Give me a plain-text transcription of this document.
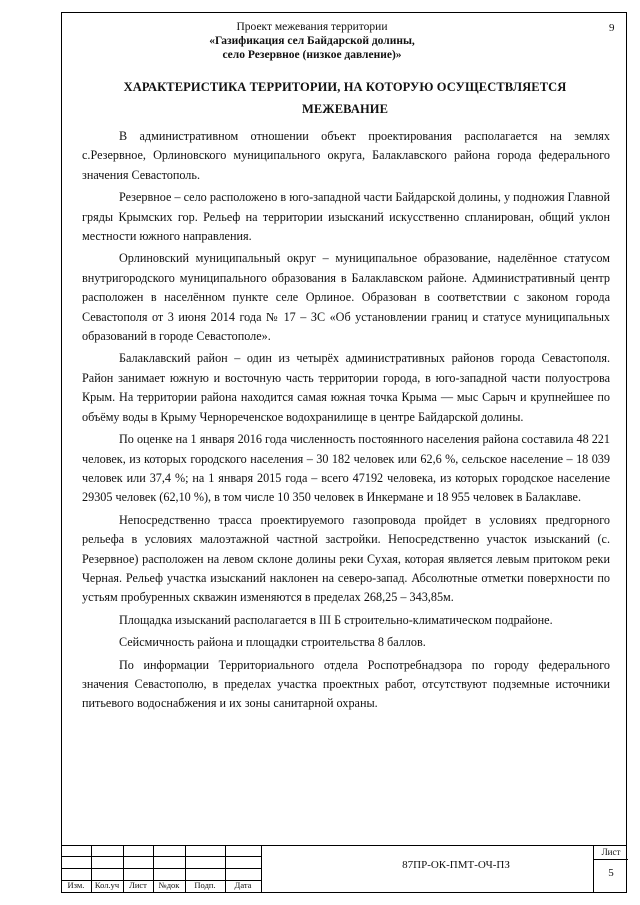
9
Проект межевания территории
«Газификация сел Байдарской долины,
село Резервное (низкое давление)»
ХАРАКТЕРИСТИКА ТЕРРИТОРИИ, НА КОТОРУЮ ОСУЩЕСТВЛЯЕТСЯ МЕЖЕВАНИЕ

В административном отношении объект проектирования располагается на землях с.Резервное, Орлиновского муниципального округа, Балаклавского района города федерального значения Севастополь.

Резервное – село расположено в юго-западной части Байдарской долины, у подножия Главной гряды Крымских гор. Рельеф на территории изысканий искусственно спланирован, общий уклон местности южного направления.

Орлиновский муниципальный округ – муниципальное образование, наделённое статусом внутригородского муниципального образования в Балаклавском районе. Административный центр расположен в населённом пункте селе Орлиное. Образован в соответствии с законом города Севастополя от 3 июня 2014 года № 17 – ЗС «Об установлении границ и статусе муниципальных образований в городе Севастополе».

Балаклавский район – один из четырёх административных районов города Севастополя. Район занимает южную и восточную часть территории города, в юго-западной части полуострова Крым. На территории района находится самая южная точка Крыма — мыс Сарыч и крупнейшее по объёму воды в Крыму Чернореченское водохранилище в центре Байдарской долины.

По оценке на 1 января 2016 года численность постоянного населения района составила 48 221 человек, из которых городского населения – 30 182 человек или 62,6 %, сельское население – 18 039 человек или 37,4 %; на 1 января 2015 года – всего 47192 человека, из которых городское население 29305 человек (62,10 %), в том числе 10 350 человек в Инкермане и 18 955 человек в Балаклаве.

Непосредственно трасса проектируемого газопровода пройдет в условиях предгорного рельефа в условиях малоэтажной частной застройки. Непосредственно участок изысканий (с. Резервное) расположен на левом склоне долины реки Сухая, которая является левым притоком реки Черная. Рельеф участка изысканий наклонен на северо-запад. Абсолютные отметки поверхности по устьям пробуренных скважин изменяются в пределах 268,25 – 343,85м.

Площадка изысканий располагается в III Б строительно-климатическом подрайоне.

Сейсмичность района и площадки строительства 8 баллов.

По информации Территориального отдела Роспотребнадзора по городу федерального значения Севастополю, в пределах участка проектных работ, отсутствуют подземные источники питьевого водоснабжения и их зоны санитарной охраны.

Изм.	Кол.уч	Лист	№док	Подп.	Дата
87ПР-ОК-ПМТ-ОЧ-ПЗ
Лист
5
